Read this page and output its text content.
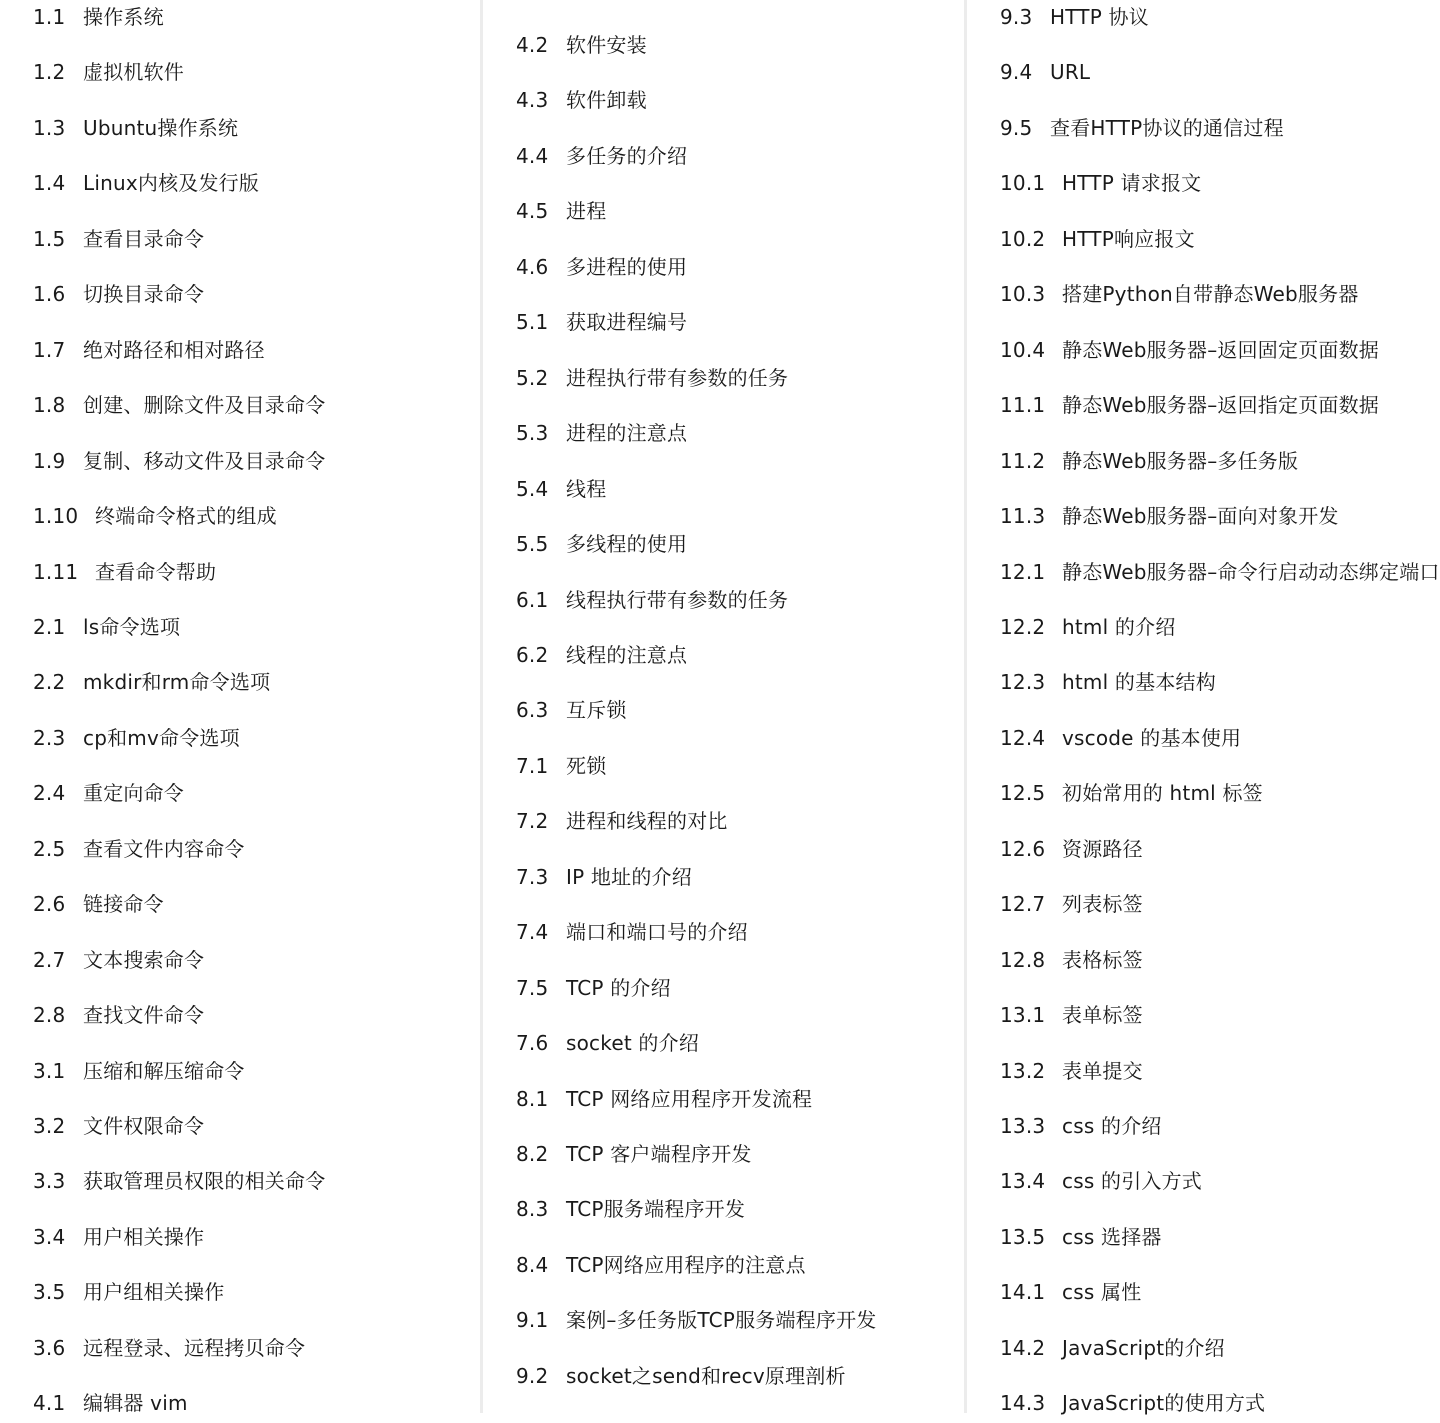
1.1 操作系统
1.2 虚拟机软件
1.3 Ubuntu操作系统
1.4 Linux内核及发行版
1.5 查看目录命令
1.6 切换目录命令
1.7 绝对路径和相对路径
1.8 创建、删除文件及目录命令
1.9 复制、移动文件及目录命令
1.10 终端命令格式的组成
1.11 查看命令帮助
2.1 ls命令选项
2.2 mkdir和rm命令选项
2.3 cp和mv命令选项
2.4 重定向命令
2.5 查看文件内容命令
2.6 链接命令
2.7 文本搜索命令
2.8 查找文件命令
3.1 压缩和解压缩命令
3.2 文件权限命令
3.3 获取管理员权限的相关命令
3.4 用户相关操作
3.5 用户组相关操作
3.6 远程登录、远程拷贝命令
4.1 编辑器 vim
4.2 软件安装
4.3 软件卸载
4.4 多任务的介绍
4.5 进程
4.6 多进程的使用
5.1 获取进程编号
5.2 进程执行带有参数的任务
5.3 进程的注意点
5.4 线程
5.5 多线程的使用
6.1 线程执行带有参数的任务
6.2 线程的注意点
6.3 互斥锁
7.1 死锁
7.2 进程和线程的对比
7.3 IP 地址的介绍
7.4 端口和端口号的介绍
7.5 TCP 的介绍
7.6 socket 的介绍
8.1 TCP 网络应用程序开发流程
8.2 TCP 客户端程序开发
8.3 TCP服务端程序开发
8.4 TCP网络应用程序的注意点
9.1 案例–多任务版TCP服务端程序开发
9.2 socket之send和recv原理剖析
9.3 HTTP 协议
9.4 URL
9.5 查看HTTP协议的通信过程
10.1 HTTP 请求报文
10.2 HTTP响应报文
10.3 搭建Python自带静态Web服务器
10.4 静态Web服务器–返回固定页面数据
11.1 静态Web服务器–返回指定页面数据
11.2 静态Web服务器–多任务版
11.3 静态Web服务器–面向对象开发
12.1 静态Web服务器–命令行启动动态绑定端口
12.2 html 的介绍
12.3 html 的基本结构
12.4 vscode 的基本使用
12.5 初始常用的 html 标签
12.6 资源路径
12.7 列表标签
12.8 表格标签
13.1 表单标签
13.2 表单提交
13.3 css 的介绍
13.4 css 的引入方式
13.5 css 选择器
14.1 css 属性
14.2 JavaScript的介绍
14.3 JavaScript的使用方式
